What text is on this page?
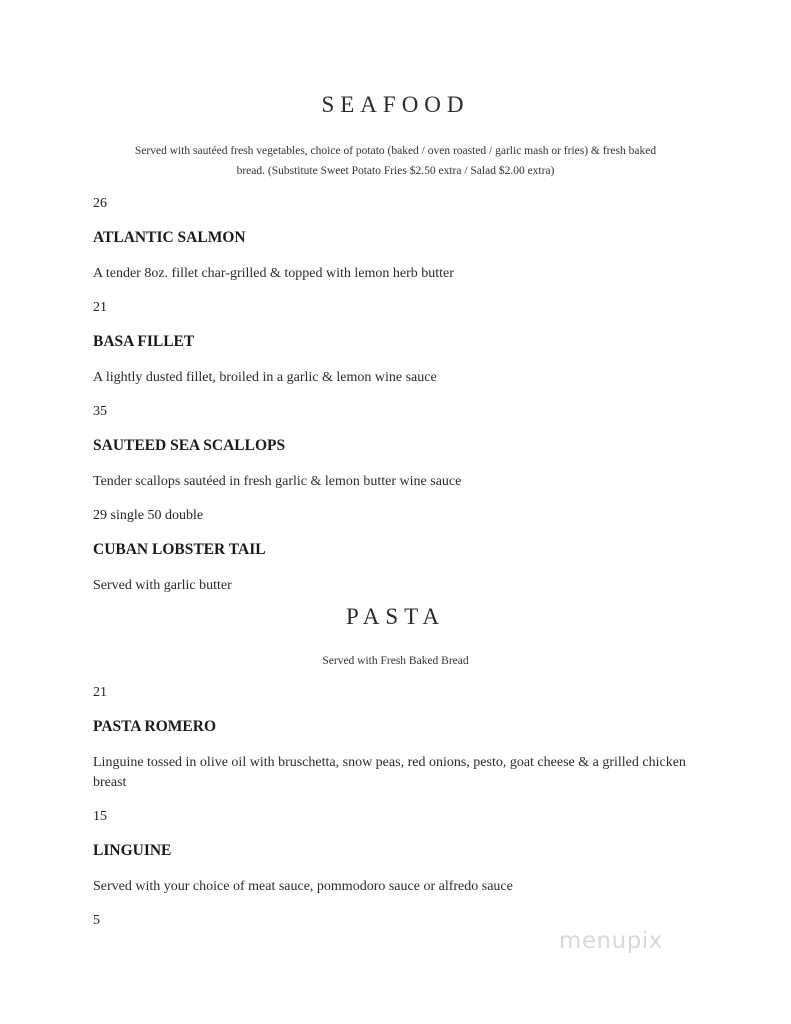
SEAFOOD

Served with sautéed fresh vegetables, choice of potato (baked / oven roasted / garlic mash or fries) & fresh baked

bread. (Substitute Sweet Potato Fries $2.50 extra / Salad $2.00 extra)

26
ATLANTIC SALMON
A tender 8oz. fillet char-grilled & topped with lemon herb butter
21
BASA FILLET
A lightly dusted fillet, broiled in a garlic & lemon wine sauce
35
SAUTEED SEA SCALLOPS
Tender scallops sautéed in fresh garlic & lemon butter wine sauce
29 single 50 double
CUBAN LOBSTER TAIL
Served with garlic butter
PASTA

Served with Fresh Baked Bread

21
PASTA ROMERO
Linguine tossed in olive oil with bruschetta, snow peas, red onions, pesto, goat cheese & a grilled chicken breast
15
LINGUINE
Served with your choice of meat sauce, pommodoro sauce or alfredo sauce
5
menupix
